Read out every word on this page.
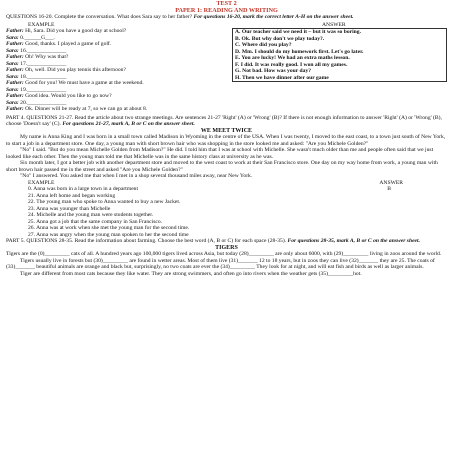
TEST 2
PAPER 1: READING AND WRITING

QUESTIONS 16-20. Complete the conversation. What does Sara say to her father? For questions 16-20, mark the correct letter A-H on the answer sheet.

EXAMPLE

Father: Hi, Sara. Did you have a good day at school?

Sara: 0.______G___.

Father: Good, thanks. I played a game of golf.

Sara: 16.______________

Father: Oh! Why was that?

Sara: 17.______________

Father: Oh, well. Did you play tennis this afternoon?

Sara: 18.______________

Father: Good for you! We must have a game at the weekend.

Sara: 19.______________

Father: Good idea. Would you like to go now?

Sara: 20.______________

Father: Ok. Dinner will be ready at 7, so we can go at about 8.

ANSWER

A. Our teacher said we need it – but it was so boring.

B. Ok. But why don't we play today?.

C. Where did you play?

D. Mm. I should do my homework first. Let's go later.

E. You are lucky! We had an extra maths lesson.

F. I did. It was really good. I won all my games.

G. Not bad. How was your day?

H. Then we have dinner after our game

PART 4. QUESTIONS 21-27. Read the article about two strange meetings. Are sentences 21-27 'Right' (A) or 'Wrong' (B)? If there is not enough information to answer 'Right' (A) or 'Wrong' (B), choose 'Doesn't say' (C). For questions 21-27, mark A, B or C on the answer sheet.

WE MEET TWICE

My name is Anna King and I was born in a small town called Madison in Wyoming in the centre of the USA. When I was twenty, I moved to the east coast, to a town just south of New York, to start a job in a department store. One day, a young man with short brown hair who was shopping in the store looked me and asked: "Are you Michele Golden?"

"No" I said. "But do you mean Michelle Golden from Madison?" He did. I told him that I was at school with Michelle. She wasn't much older than me and people often said that we just looked like each other. Then the young man told me that Michelle was in the same history class at university as he was.

Six month later, I got a better job with another department store and moved to the west coast to work at their San Francisco store. One day on my way home from work, a young man with short brown hair passed me in the street and asked "Are you Michele Golden?"

"No" I answered. You asked me that when I met in a shop several thousand miles away, near New York.

EXAMPLE	ANSWER
0. Anna was born in a large town in a department	B
21. Anna left home and began working
22. The young man who spoke to Anna wanted to buy a new Jacket.
23. Anna was younger than Michelle
24. Michelle and the young man were students together.
25. Anna got a job that the same company in San Francisco.
26. Anna was at work when she met the young man for the second time.
27. Anna was angry when the young man spoken to her the second time

PART 5. QUESTIONS 28-35. Read the information about farming. Choose the best word (A, B or C) for each space (28-35). For questions 28-35, mark A, B or C on the answer sheet.

TIGERS

Tigers are the (0)_________ cats of all. A hundred years ago 100,000 tigers lived across Asia, but today (28)_________ are only about 6000, with (29)_________ living in zoos around the world.

Tigers usually live in forests but (30)_________ are found in wetter areas. Most of them live (31)_______ 12 to 18 years, but in zoos they can live (32)_______ they are 25. The coats of (33)_______ beautiful animals are orange and black but, surprisingly, no two coats are ever the (34)_________ They look for at night, and will eat fish and birds as well as larger animals.

Tiger are different from most cats because they like water. They are strong swimmers, and often go into rivers when the weather gets (35)_________hot.
